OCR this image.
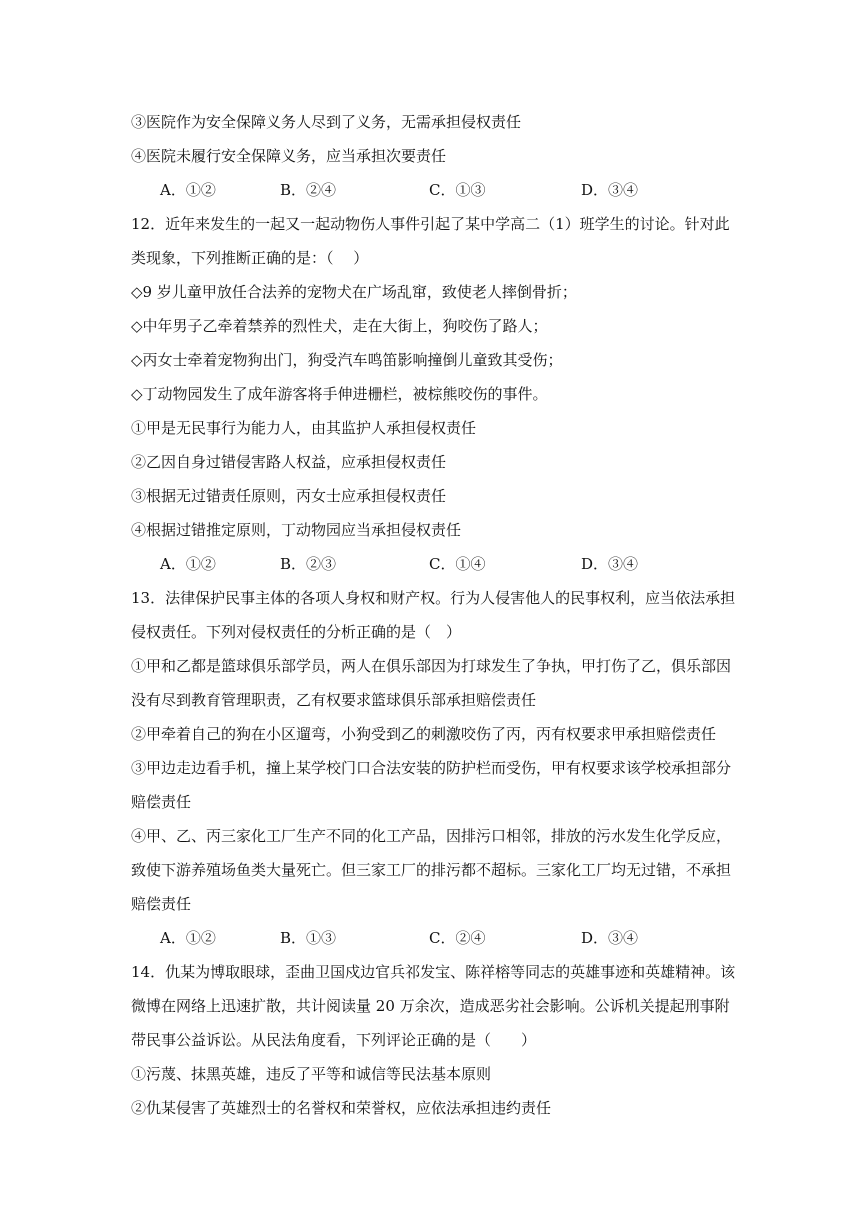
③医院作为安全保障义务人尽到了义务，无需承担侵权责任
④医院未履行安全保障义务，应当承担次要责任
A．①②	B．②④	C．①③	D．③④
12．近年来发生的一起又一起动物伤人事件引起了某中学高二（1）班学生的讨论。针对此
类现象，下列推断正确的是：（　 ）
◇9 岁儿童甲放任合法养的宠物犬在广场乱窜，致使老人摔倒骨折；
◇中年男子乙牵着禁养的烈性犬，走在大街上，狗咬伤了路人；
◇丙女士牵着宠物狗出门，狗受汽车鸣笛影响撞倒儿童致其受伤；
◇丁动物园发生了成年游客将手伸进栅栏，被棕熊咬伤的事件。
①甲是无民事行为能力人，由其监护人承担侵权责任
②乙因自身过错侵害路人权益，应承担侵权责任
③根据无过错责任原则，丙女士应承担侵权责任
④根据过错推定原则，丁动物园应当承担侵权责任
A．①②	B．②③	C．①④	D．③④
13．法律保护民事主体的各项人身权和财产权。行为人侵害他人的民事权利，应当依法承担
侵权责任。下列对侵权责任的分析正确的是（　）
①甲和乙都是篮球俱乐部学员，两人在俱乐部因为打球发生了争执，甲打伤了乙，俱乐部因
没有尽到教育管理职责，乙有权要求篮球俱乐部承担赔偿责任
②甲牵着自己的狗在小区遛弯，小狗受到乙的刺激咬伤了丙，丙有权要求甲承担赔偿责任
③甲边走边看手机，撞上某学校门口合法安装的防护栏而受伤，甲有权要求该学校承担部分
赔偿责任
④甲、乙、丙三家化工厂生产不同的化工产品，因排污口相邻，排放的污水发生化学反应，
致使下游养殖场鱼类大量死亡。但三家工厂的排污都不超标。三家化工厂均无过错，不承担
赔偿责任
A．①②	B．①③	C．②④	D．③④
14．仇某为博取眼球，歪曲卫国戍边官兵祁发宝、陈祥榕等同志的英雄事迹和英雄精神。该
微博在网络上迅速扩散，共计阅读量 20 万余次，造成恶劣社会影响。公诉机关提起刑事附
带民事公益诉讼。从民法角度看，下列评论正确的是（　　）
①污蔑、抹黑英雄，违反了平等和诚信等民法基本原则
②仇某侵害了英雄烈士的名誉权和荣誉权，应依法承担违约责任
